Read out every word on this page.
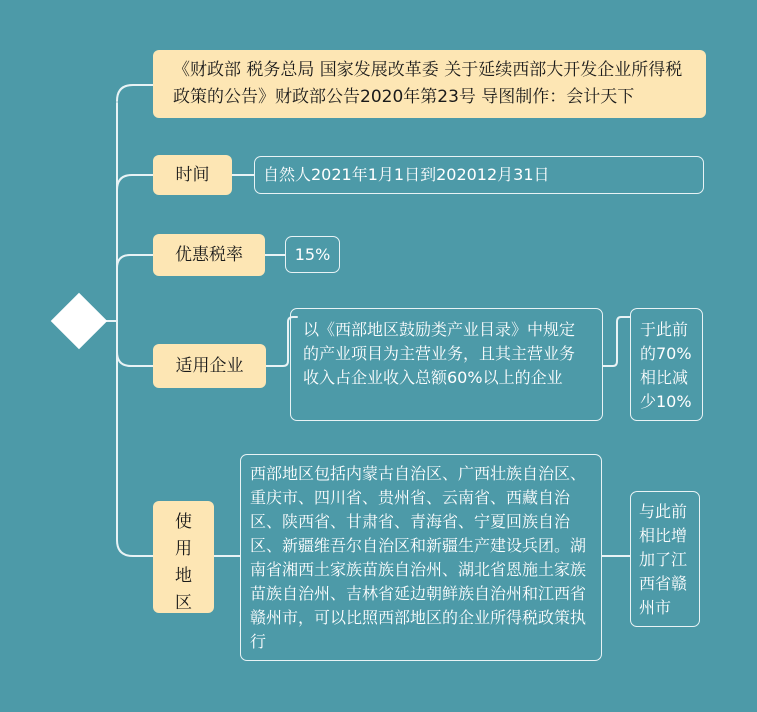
《财政部 税务总局 国家发展改革委 关于延续西部大开发企业所得税政策的公告》财政部公告2020年第23号 导图制作：会计天下
时间	自然人2021年1月1日到202012月31日
优惠税率	15%
适用企业
以《西部地区鼓励类产业目录》中规定的产业项目为主营业务，且其主营业务收入占企业收入总额60%以上的企业
于此前的70%相比减少10%
使
用
地
区
西部地区包括内蒙古自治区、广西壮族自治区、重庆市、四川省、贵州省、云南省、西藏自治区、陕西省、甘肃省、青海省、宁夏回族自治区、新疆维吾尔自治区和新疆生产建设兵团。湖南省湘西土家族苗族自治州、湖北省恩施土家族苗族自治州、吉林省延边朝鲜族自治州和江西省赣州市，可以比照西部地区的企业所得税政策执行
与此前相比增加了江西省赣州市
